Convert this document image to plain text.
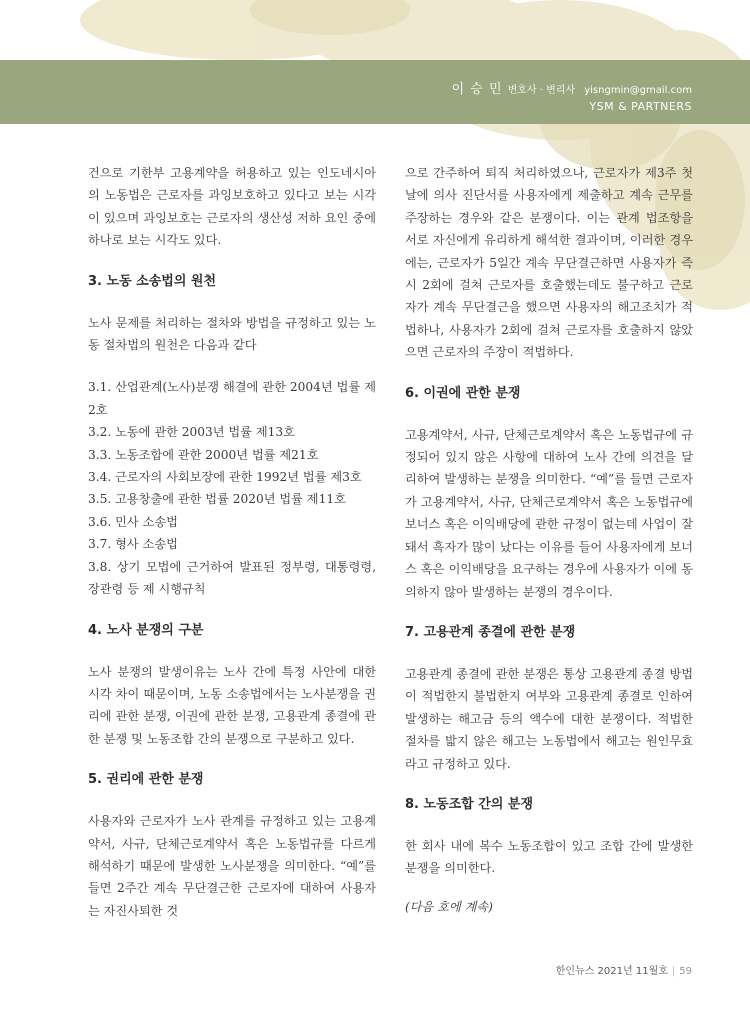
이 승 민 변호사 · 변리사 yisngmin@gmail.com
YSM & PARTNERS

건으로 기한부 고용계약을 허용하고 있는 인도네시아의 노동법은 근로자를 과잉보호하고 있다고 보는 시각이 있으며 과잉보호는 근로자의 생산성 저하 요인 중에 하나로 보는 시각도 있다.

3. 노동 소송법의 원천

노사 문제를 처리하는 절차와 방법을 규정하고 있는 노동 절차법의 원천은 다음과 같다

3.1. 산업관계(노사)분쟁 해결에 관한 2004년 법률 제2호

3.2. 노동에 관한 2003년 법률 제13호

3.3. 노동조합에 관한 2000년 법률 제21호

3.4. 근로자의 사회보장에 관한 1992년 법률 제3호

3.5. 고용창출에 관한 법률 2020년 법률 제11호

3.6. 민사 소송법

3.7. 형사 소송법

3.8. 상기 모법에 근거하여 발표된 정부령, 대통령령, 장관령 등 제 시행규칙

4. 노사 분쟁의 구분

노사 분쟁의 발생이유는 노사 간에 특정 사안에 대한 시각 차이 때문이며, 노동 소송법에서는 노사분쟁을 권리에 관한 분쟁, 이권에 관한 분쟁, 고용관계 종결에 관한 분쟁 및 노동조합 간의 분쟁으로 구분하고 있다.

5. 권리에 관한 분쟁

사용자와 근로자가 노사 관계를 규정하고 있는 고용계약서, 사규, 단체근로계약서 혹은 노동법규를 다르게 해석하기 때문에 발생한 노사분쟁을 의미한다. “예”를 들면 2주간 계속 무단결근한 근로자에 대하여 사용자는 자진사퇴한 것

으로 간주하여 퇴직 처리하였으나, 근로자가 제3주 첫날에 의사 진단서를 사용자에게 제출하고 계속 근무를 주장하는 경우와 같은 분쟁이다. 이는 관계 법조항을 서로 자신에게 유리하게 해석한 결과이며, 이러한 경우에는, 근로자가 5일간 계속 무단결근하면 사용자가 즉시 2회에 걸쳐 근로자를 호출했는데도 불구하고 근로자가 계속 무단결근을 했으면 사용자의 해고조치가 적법하나, 사용자가 2회에 걸쳐 근로자를 호출하지 않았으면 근로자의 주장이 적법하다.

6. 이권에 관한 분쟁

고용계약서, 사규, 단체근로계약서 혹은 노동법규에 규정되어 있지 않은 사항에 대하여 노사 간에 의견을 달리하여 발생하는 분쟁을 의미한다. “예”를 들면 근로자가 고용계약서, 사규, 단체근로계약서 혹은 노동법규에 보너스 혹은 이익배당에 관한 규정이 없는데 사업이 잘 돼서 흑자가 많이 났다는 이유를 들어 사용자에게 보너스 혹은 이익배당을 요구하는 경우에 사용자가 이에 동의하지 않아 발생하는 분쟁의 경우이다.

7. 고용관계 종결에 관한 분쟁

고용관계 종결에 관한 분쟁은 통상 고용관계 종결 방법이 적법한지 불법한지 여부와 고용관계 종결로 인하여 발생하는 해고금 등의 액수에 대한 분쟁이다. 적법한 절차를 밟지 않은 해고는 노동법에서 해고는 원인무효라고 규정하고 있다.

8. 노동조합 간의 분쟁

한 회사 내에 복수 노동조합이 있고 조합 간에 발생한 분쟁을 의미한다.

(다음 호에 계속)

한인뉴스 2021년 11월호 | 59
